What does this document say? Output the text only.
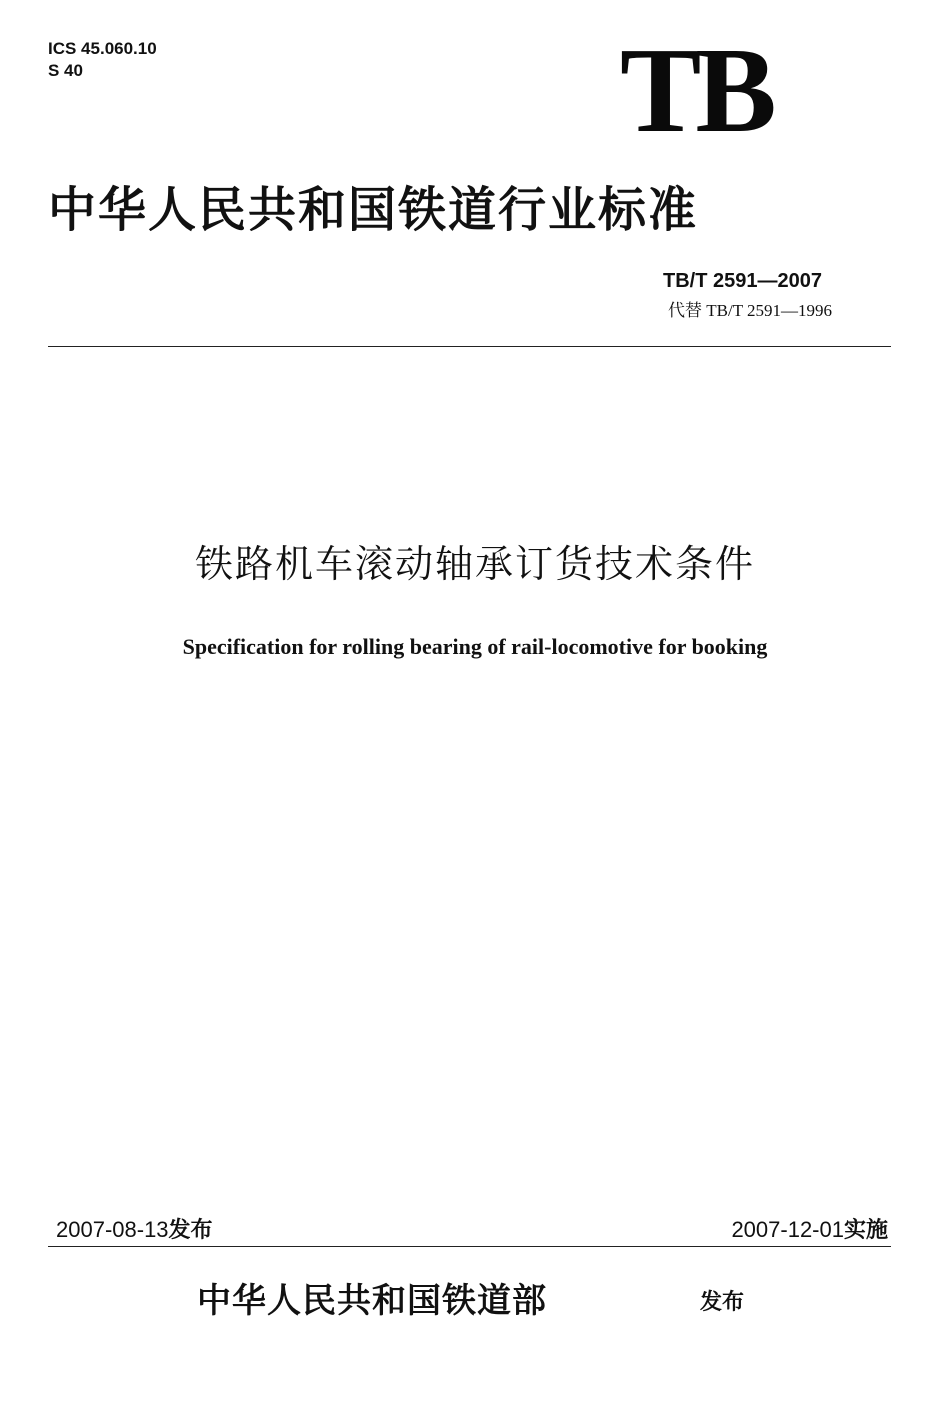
ICS 45.060.10
S 40	TB
中华人民共和国铁道行业标准
TB/T 2591—2007
代替 TB/T 2591—1996
铁路机车滚动轴承订货技术条件
Specification for rolling bearing of rail-locomotive for booking
2007-08-13发布	2007-12-01实施
中华人民共和国铁道部	发布
